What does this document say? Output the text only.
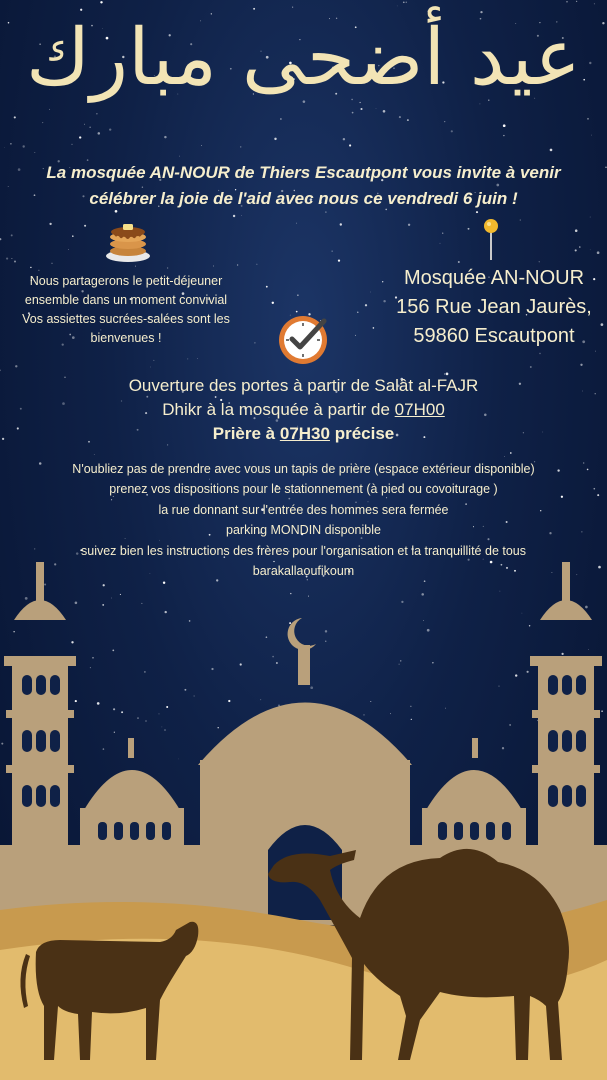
عيد أضحى مبارك
La mosquée AN-NOUR de Thiers Escautpont vous invite à venir
célébrer la joie de l'aid avec nous ce vendredi 6 juin !
Nous partagerons le petit-déjeuner
ensemble dans un moment convivial
Vos assiettes sucrées-salées sont les
bienvenues !
Mosquée AN-NOUR
156 Rue Jean Jaurès,
59860 Escautpont
Ouverture des portes à partir de Salât al-FAJR
Dhikr à la mosquée à partir de 07H00
Prière à 07H30 précise
N'oubliez pas de prendre avec vous un tapis de prière (espace extérieur disponible)
prenez vos dispositions pour le stationnement (à pied ou covoiturage )
la rue donnant sur l'entrée des hommes sera fermée
parking MONDIN disponible
suivez bien les instructions des frères pour l'organisation et la tranquillité de tous
barakallaoufikoum
